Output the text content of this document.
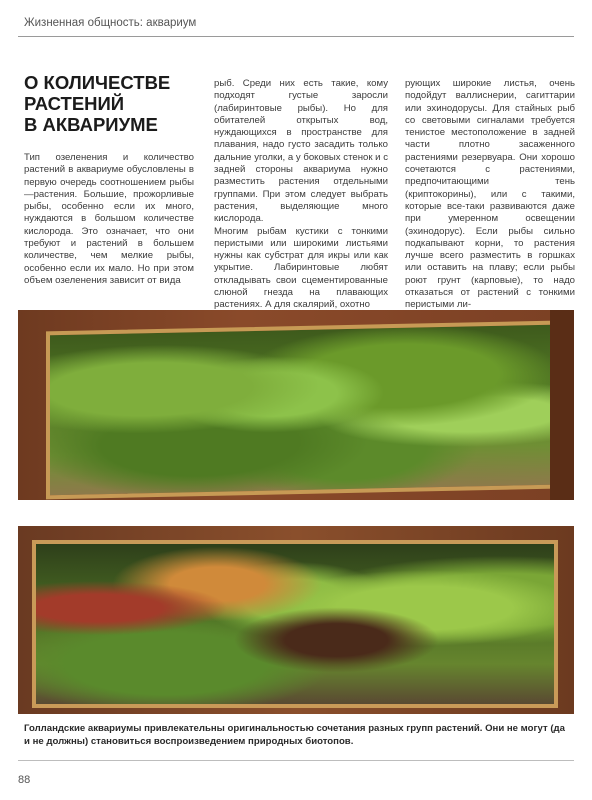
Жизненная общность: аквариум
О КОЛИЧЕСТВЕ
РАСТЕНИЙ
В АКВАРИУМЕ

Тип озеленения и количество растений в аквариуме обусловлены в первую очередь соотношением рыбы—растения. Большие, прожорливые рыбы, особенно если их много, нуждаются в большом количестве кислорода. Это означает, что они требуют и растений в большем количестве, чем мелкие рыбы, особенно если их мало. Но при этом объем озеленения зависит от вида

рыб. Среди них есть такие, кому подходят густые заросли (лабиринтовые рыбы). Но для обитателей открытых вод, нуждающихся в пространстве для плавания, надо густо засадить только дальние уголки, а у боковых стенок и с задней стороны аквариума нужно разместить растения отдельными группами. При этом следует выбрать растения, выделяющие много кислорода.

Многим рыбам кустики с тонкими перистыми или широкими листьями нужны как субстрат для икры или как укрытие. Лабиринтовые любят откладывать свои сцементированные слюной гнезда на плавающих растениях. А для скалярий, охотно

рующих широкие листья, очень подойдут валлиснерии, сагиттарии или эхинодорусы. Для стайных рыб со световыми сигналами требуется тенистое местоположение в задней части плотно засаженного растениями резервуара. Они хорошо сочетаются с растениями, предпочитающими тень (криптокорины), или с такими, которые все-таки развиваются даже при умеренном освещении (эхинодорус). Если рыбы сильно подкапывают корни, то растения лучше всего разместить в горшках или оставить на плаву; если рыбы роют грунт (карповые), то надо отказаться от растений с тонкими перистыми ли-

Голландские аквариумы привлекательны оригинальностью сочетания разных групп растений. Они не могут (да и не должны) становиться воспроизведением природных биотопов.
88
